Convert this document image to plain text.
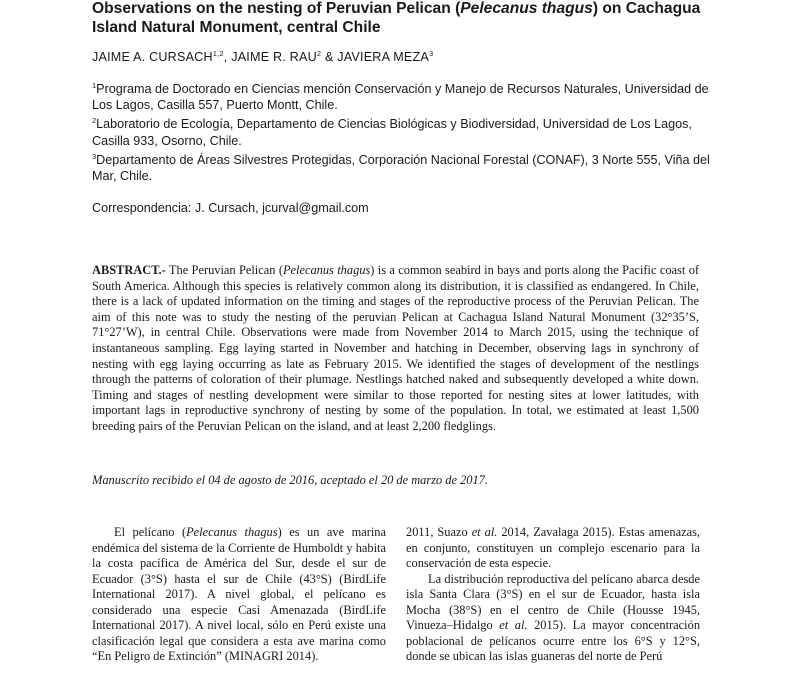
Observations on the nesting of Peruvian Pelican (Pelecanus thagus) on Cachagua Island Natural Monument, central Chile
JAIME A. CURSACH$^{1,2}$, JAIME R. RAU$^2$ & JAVIERA MEZA$^3$

$^1$Programa de Doctorado en Ciencias mención Conservación y Manejo de Recursos Naturales, Universidad de Los Lagos, Casilla 557, Puerto Montt, Chile.

$^2$Laboratorio de Ecología, Departamento de Ciencias Biológicas y Biodiversidad, Universidad de Los Lagos, Casilla 933, Osorno, Chile.

$^3$Departamento de Áreas Silvestres Protegidas, Corporación Nacional Forestal (CONAF), 3 Norte 555, Viña del Mar, Chile.

Correspondencia: J. Cursach, jcurval@gmail.com

ABSTRACT.- The Peruvian Pelican (Pelecanus thagus) is a common seabird in bays and ports along the Pacific coast of South America. Although this species is relatively common along its distribution, it is classified as endangered. In Chile, there is a lack of updated information on the timing and stages of the reproductive process of the Peruvian Pelican. The aim of this note was to study the nesting of the peruvian Pelican at Cachagua Island Natural Monument (32°35’S, 71°27’W), in central Chile. Observations were made from November 2014 to March 2015, using the technique of instantaneous sampling. Egg laying started in November and hatching in December, observing lags in synchrony of nesting with egg laying occurring as late as February 2015. We identified the stages of development of the nestlings through the patterns of coloration of their plumage. Nestlings hatched naked and subsequently developed a white down. Timing and stages of nestling development were similar to those reported for nesting sites at lower latitudes, with important lags in reproductive synchrony of nesting by some of the population. In total, we estimated at least 1,500 breeding pairs of the Peruvian Pelican on the island, and at least 2,200 fledglings.

Manuscrito recibido el 04 de agosto de 2016, aceptado el 20 de marzo de 2017.

El pelícano (Pelecanus thagus) es un ave marina endémica del sistema de la Corriente de Humboldt y habita la costa pacífica de América del Sur, desde el sur de Ecuador (3°S) hasta el sur de Chile (43°S) (BirdLife International 2017). A nivel global, el pelícano es considerado una especie Casi Amenazada (BirdLife International 2017). A nivel local, sólo en Perú existe una clasificación legal que considera a esta ave marina como “En Peligro de Extinción” (MINAGRI 2014).

2011, Suazo et al. 2014, Zavalaga 2015). Estas amenazas, en conjunto, constituyen un complejo escenario para la conservación de esta especie.

La distribución reproductiva del pelícano abarca desde isla Santa Clara (3°S) en el sur de Ecuador, hasta isla Mocha (38°S) en el centro de Chile (Housse 1945, Vinueza–Hidalgo et al. 2015). La mayor concentración poblacional de pelícanos ocurre entre los 6°S y 12°S, donde se ubican las islas guaneras del norte de Perú
